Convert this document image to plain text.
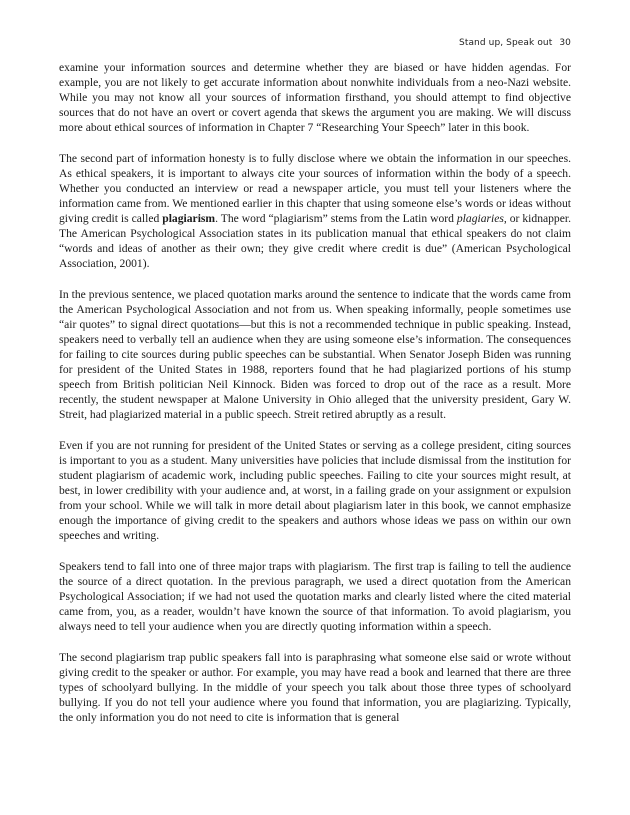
Stand up, Speak out 30

examine your information sources and determine whether they are biased or have hidden agendas. For example, you are not likely to get accurate information about nonwhite individuals from a neo-Nazi website. While you may not know all your sources of information firsthand, you should attempt to find objective sources that do not have an overt or covert agenda that skews the argument you are making. We will discuss more about ethical sources of information in Chapter 7 “Researching Your Speech” later in this book.

The second part of information honesty is to fully disclose where we obtain the information in our speeches. As ethical speakers, it is important to always cite your sources of information within the body of a speech. Whether you conducted an interview or read a newspaper article, you must tell your listeners where the information came from. We mentioned earlier in this chapter that using someone else’s words or ideas without giving credit is called plagiarism. The word “plagiarism” stems from the Latin word plagiaries, or kidnapper. The American Psychological Association states in its publication manual that ethical speakers do not claim “words and ideas of another as their own; they give credit where credit is due” (American Psychological Association, 2001).

In the previous sentence, we placed quotation marks around the sentence to indicate that the words came from the American Psychological Association and not from us. When speaking informally, people sometimes use “air quotes” to signal direct quotations—but this is not a recommended technique in public speaking. Instead, speakers need to verbally tell an audience when they are using someone else’s information. The consequences for failing to cite sources during public speeches can be substantial. When Senator Joseph Biden was running for president of the United States in 1988, reporters found that he had plagiarized portions of his stump speech from British politician Neil Kinnock. Biden was forced to drop out of the race as a result. More recently, the student newspaper at Malone University in Ohio alleged that the university president, Gary W. Streit, had plagiarized material in a public speech. Streit retired abruptly as a result.

Even if you are not running for president of the United States or serving as a college president, citing sources is important to you as a student. Many universities have policies that include dismissal from the institution for student plagiarism of academic work, including public speeches. Failing to cite your sources might result, at best, in lower credibility with your audience and, at worst, in a failing grade on your assignment or expulsion from your school. While we will talk in more detail about plagiarism later in this book, we cannot emphasize enough the importance of giving credit to the speakers and authors whose ideas we pass on within our own speeches and writing.

Speakers tend to fall into one of three major traps with plagiarism. The first trap is failing to tell the audience the source of a direct quotation. In the previous paragraph, we used a direct quotation from the American Psychological Association; if we had not used the quotation marks and clearly listed where the cited material came from, you, as a reader, wouldn’t have known the source of that information. To avoid plagiarism, you always need to tell your audience when you are directly quoting information within a speech.

The second plagiarism trap public speakers fall into is paraphrasing what someone else said or wrote without giving credit to the speaker or author. For example, you may have read a book and learned that there are three types of schoolyard bullying. In the middle of your speech you talk about those three types of schoolyard bullying. If you do not tell your audience where you found that information, you are plagiarizing. Typically, the only information you do not need to cite is information that is general
